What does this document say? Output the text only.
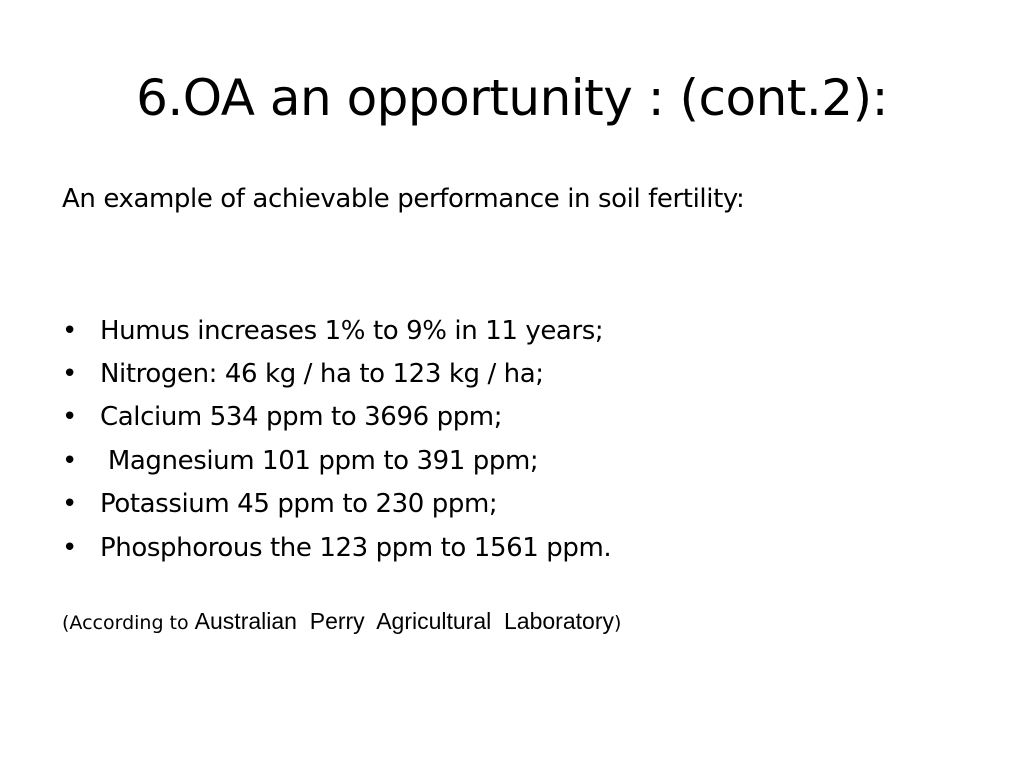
6.OA an opportunity : (cont.2):
An example of achievable performance in soil fertility:
•
Humus increases 1% to 9% in 11 years;
•
Nitrogen: 46 kg / ha to 123 kg / ha;
•
Calcium 534 ppm to 3696 ppm;
•
Magnesium 101 ppm to 391 ppm;
•
Potassium 45 ppm to 230 ppm;
•
Phosphorous the 123 ppm to 1561 ppm.
(According to Australian  Perry  Agricultural  Laboratory)
